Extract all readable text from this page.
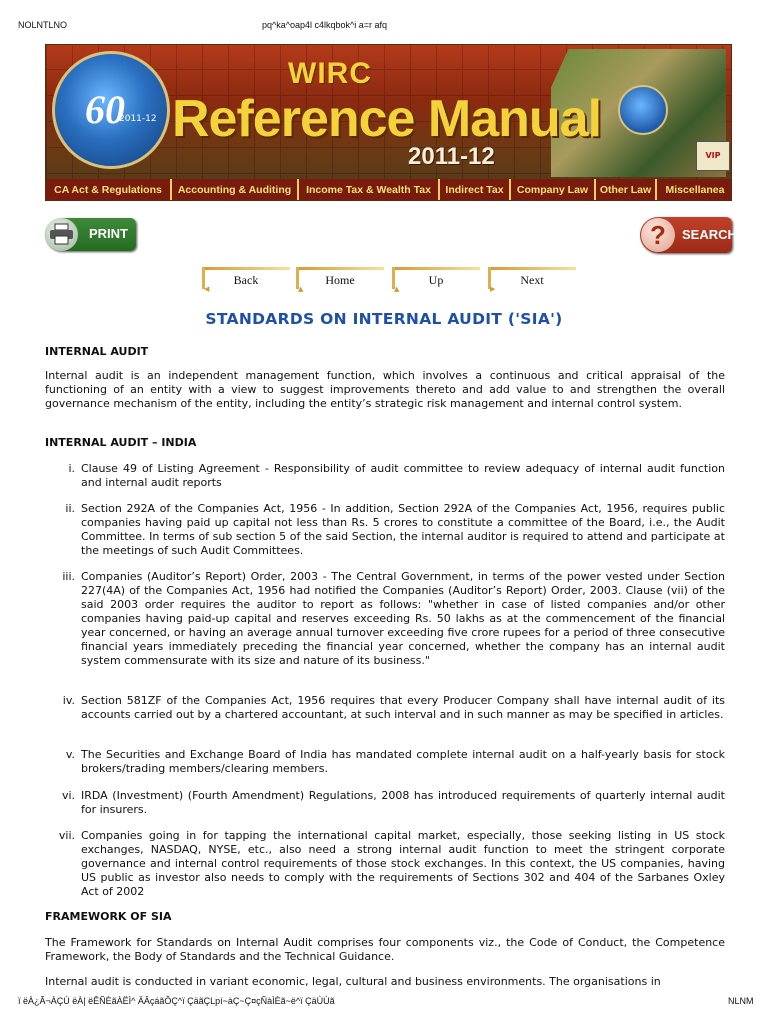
NOLNTLNO	pq^ka^oap4l c4lkqbok^i a=r afq
60
2011-12
WIRC
Reference Manual
2011-12	VIP
CA Act & Regulations	Accounting & Auditing	Income Tax & Wealth Tax	Indirect Tax	Company Law	Other Law	Miscellanea
PRINT	?	SEARCH
◀
Back
▲
Home
▲
Up
▶
Next
STANDARDS ON INTERNAL AUDIT ('SIA')
INTERNAL AUDIT

Internal audit is an independent management function, which involves a continuous and critical appraisal of the functioning of an entity with a view to suggest improvements thereto and add value to and strengthen the overall governance mechanism of the entity, including the entity’s strategic risk management and internal control system.

INTERNAL AUDIT – INDIA
i. Clause 49 of Listing Agreement - Responsibility of audit committee to review adequacy of internal audit function and internal audit reports
ii. Section 292A of the Companies Act, 1956 - In addition, Section 292A of the Companies Act, 1956, requires public companies having paid up capital not less than Rs. 5 crores to constitute a committee of the Board, i.e., the Audit Committee. In terms of sub section 5 of the said Section, the internal auditor is required to attend and participate at the meetings of such Audit Committees.
iii. Companies (Auditor’s Report) Order, 2003 - The Central Government, in terms of the power vested under Section 227(4A) of the Companies Act, 1956 had notified the Companies (Auditor’s Report) Order, 2003. Clause (vii) of the said 2003 order requires the auditor to report as follows: "whether in case of listed companies and/or other companies having paid-up capital and reserves exceeding Rs. 50 lakhs as at the commencement of the financial year concerned, or having an average annual turnover exceeding five crore rupees for a period of three consecutive financial years immediately preceding the financial year concerned, whether the company has an internal audit system commensurate with its size and nature of its business."
iv. Section 581ZF of the Companies Act, 1956 requires that every Producer Company shall have internal audit of its accounts carried out by a chartered accountant, at such interval and in such manner as may be specified in articles.
v. The Securities and Exchange Board of India has mandated complete internal audit on a half-yearly basis for stock brokers/trading members/clearing members.
vi. IRDA (Investment) (Fourth Amendment) Regulations, 2008 has introduced requirements of quarterly internal audit for insurers.
vii. Companies going in for tapping the international capital market, especially, those seeking listing in US stock exchanges, NASDAQ, NYSE, etc., also need a strong internal audit function to meet the stringent corporate governance and internal control requirements of those stock exchanges. In this context, the US companies, having US public as investor also needs to comply with the requirements of Sections 302 and 404 of the Sarbanes Oxley Act of 2002
FRAMEWORK OF SIA

The Framework for Standards on Internal Audit comprises four components viz., the Code of Conduct, the Competence Framework, the Body of Standards and the Technical Guidance.

Internal audit is conducted in variant economic, legal, cultural and business environments. The organisations in

ï ëÀ¿Ã¬ÀÇÙ ëÀ| ëÊÑÈãÀËÌ^ ÄÂçáãÔÇ^ï ÇäãÇLpí~àÇ~Ç¤çÑàÌÈã~ë^ï ÇäÙÙã	NLNM
